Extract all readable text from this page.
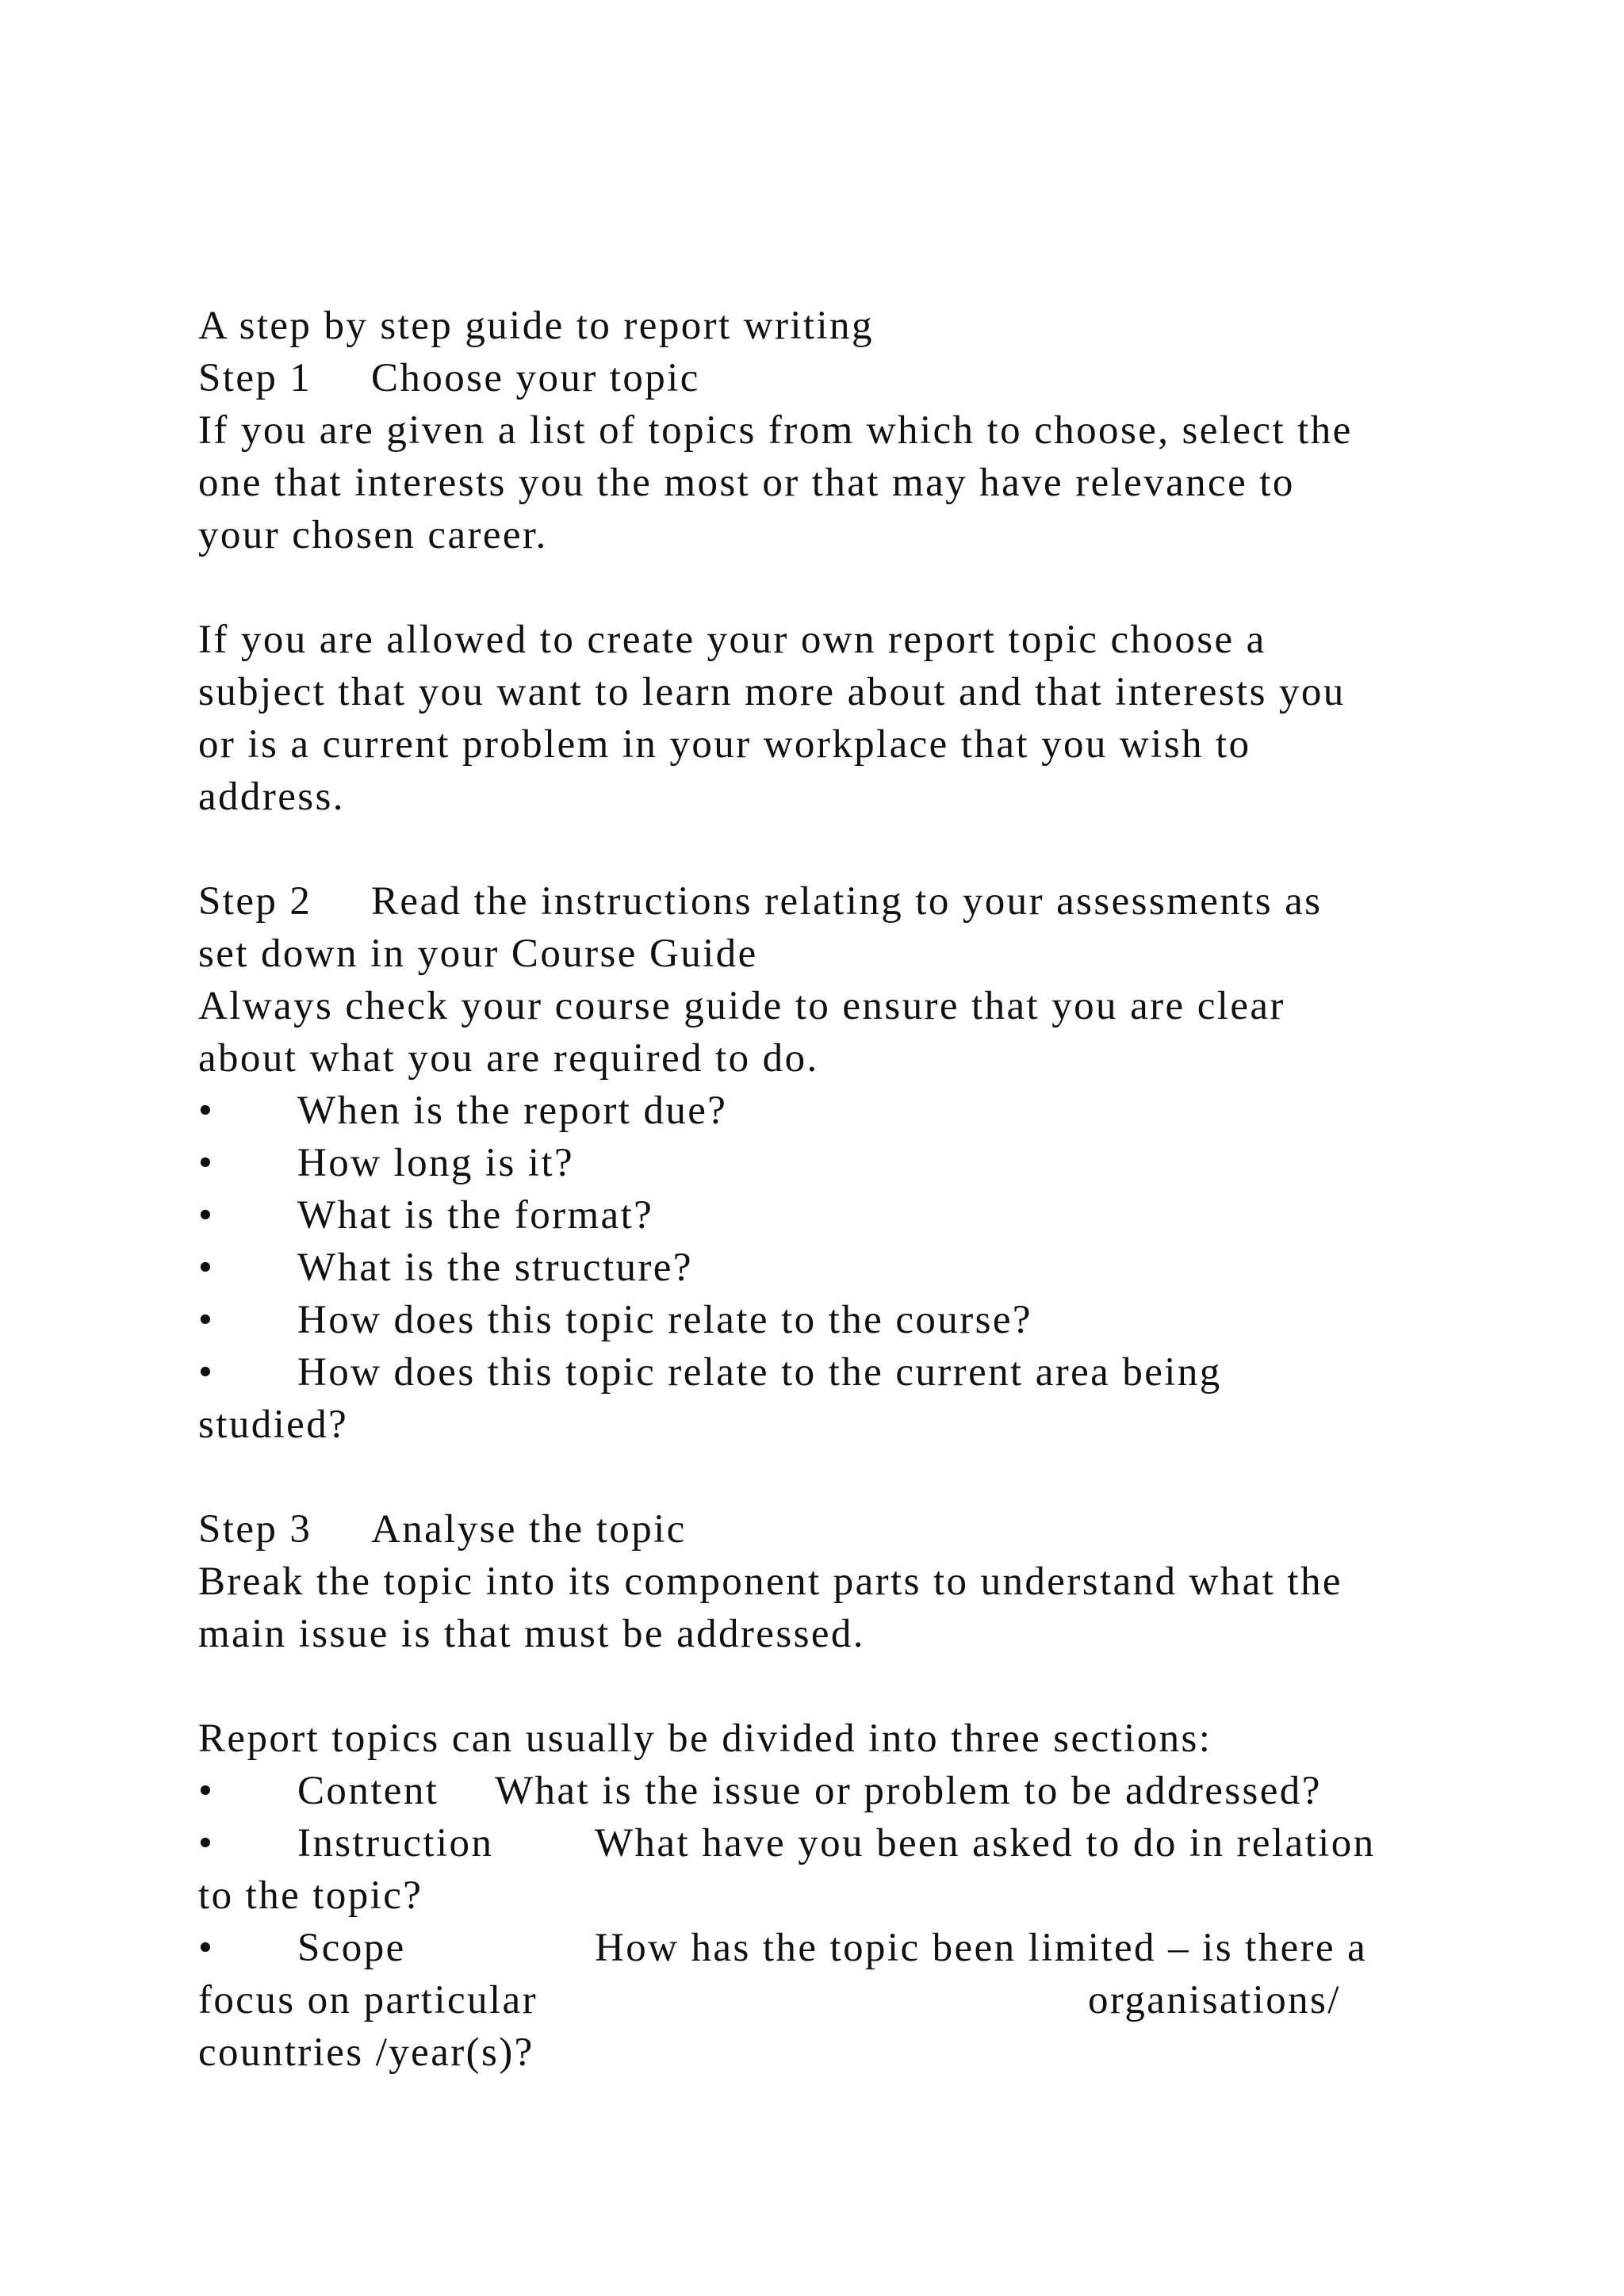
A step by step guide to report writing

Step 1

Choose your topic

If you are given a list of topics from which to choose, select the
one that interests you the most or that may have relevance to
your chosen career.
If you are allowed to create your own report topic choose a
subject that you want to learn more about and that interests you
or is a current problem in your workplace that you wish to
address.

Step 2

Read the instructions relating to your assessments as

set down in your Course Guide
Always check your course guide to ensure that you are clear
about what you are required to do.

•

When is the report due?

•

How long is it?

•

What is the format?

•

What is the structure?

•

How does this topic relate to the course?

•

How does this topic relate to the current area being

studied?

Step 3

Analyse the topic

Break the topic into its component parts to understand what the
main issue is that must be addressed.
Report topics can usually be divided into three sections:

•

Content

What is the issue or problem to be addressed?

•

Instruction

	What have you been asked to do in relation

to the topic?

•

Scope

	How has the topic been limited – is there a

focus on particular

	organisations/

countries /year(s)?
